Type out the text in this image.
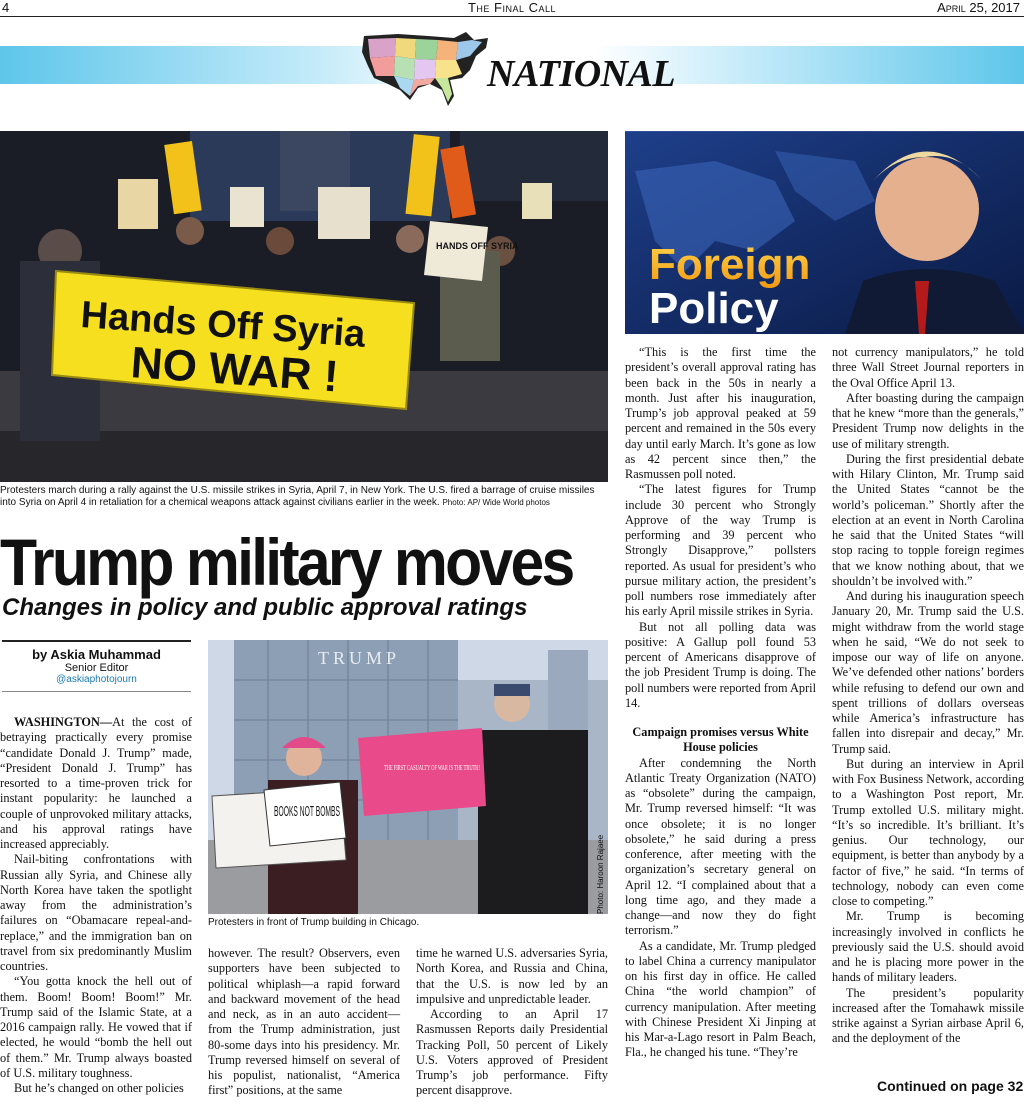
4	The Final Call	April 25, 2017
NATIONAL
Hands Off Syria
NO WAR !
HANDS OFF SYRIA
Protesters march during a rally against the U.S. missile strikes in Syria, April 7, in New York. The U.S. fired a barrage of cruise missiles into Syria on April 4 in retaliation for a chemical weapons attack against civilians earlier in the week. Photo: AP/ Wide World photos
Foreign
Policy
Trump military moves
Changes in policy and public approval ratings
by Askia Muhammad
Senior Editor
@askiaphotojourn
TRUMP
BOOKS NOT BOMBS
THE FIRST CASUALTY OF WAR IS THE TRUTH!
Photo: Haroon Rajaee
Protesters in front of Trump building in Chicago.

WASHINGTON—At the cost of betraying practically every promise “candidate Donald J. Trump” made, “President Donald J. Trump” has resorted to a time-proven trick for instant popularity: he launched a couple of unprovoked military attacks, and his approval ratings have increased appreciably.

Nail-biting confrontations with Russian ally Syria, and Chinese ally North Korea have taken the spotlight away from the administration’s failures on “Obamacare repeal-and-replace,” and the immigration ban on travel from six predominantly Muslim countries.

“You gotta knock the hell out of them. Boom! Boom! Boom!” Mr. Trump said of the Islamic State, at a 2016 campaign rally. He vowed that if elected, he would “bomb the hell out of them.” Mr. Trump always boasted of U.S. military toughness.

But he’s changed on other policies

however. The result? Observers, even supporters have been subjected to political whiplash—a rapid forward and backward movement of the head and neck, as in an auto accident—from the Trump administration, just 80-some days into his presidency. Mr. Trump reversed himself on several of his populist, nationalist, “America first” positions, at the same

time he warned U.S. adversaries Syria, North Korea, and Russia and China, that the U.S. is now led by an impulsive and unpredictable leader.

According to an April 17 Rasmussen Reports daily Presidential Tracking Poll, 50 percent of Likely U.S. Voters approved of President Trump’s job performance. Fifty percent disapprove.

“This is the first time the president’s overall approval rating has been back in the 50s in nearly a month. Just after his inauguration, Trump’s job approval peaked at 59 percent and remained in the 50s every day until early March. It’s gone as low as 42 percent since then,” the Rasmussen poll noted.

“The latest figures for Trump include 30 percent who Strongly Approve of the way Trump is performing and 39 percent who Strongly Disapprove,” pollsters reported. As usual for president’s who pursue military action, the president’s poll numbers rose immediately after his early April missile strikes in Syria.

But not all polling data was positive: A Gallup poll found 53 percent of Americans disapprove of the job President Trump is doing. The poll numbers were reported from April 14.

Campaign promises versus White House policies

After condemning the North Atlantic Treaty Organization (NATO) as “obsolete” during the campaign, Mr. Trump reversed himself: “It was once obsolete; it is no longer obsolete,” he said during a press conference, after meeting with the organization’s secretary general on April 12. “I complained about that a long time ago, and they made a change—and now they do fight terrorism.”

As a candidate, Mr. Trump pledged to label China a currency manipulator on his first day in office. He called China “the world champion” of currency manipulation. After meeting with Chinese President Xi Jinping at his Mar-a-Lago resort in Palm Beach, Fla., he changed his tune. “They’re

not currency manipulators,” he told three Wall Street Journal reporters in the Oval Office April 13.

After boasting during the campaign that he knew “more than the generals,” President Trump now delights in the use of military strength.

During the first presidential debate with Hilary Clinton, Mr. Trump said the United States “cannot be the world’s policeman.” Shortly after the election at an event in North Carolina he said that the United States “will stop racing to topple foreign regimes that we know nothing about, that we shouldn’t be involved with.”

And during his inauguration speech January 20, Mr. Trump said the U.S. might withdraw from the world stage when he said, “We do not seek to impose our way of life on anyone. We’ve defended other nations’ borders while refusing to defend our own and spent trillions of dollars overseas while America’s infrastructure has fallen into disrepair and decay,” Mr. Trump said.

But during an interview in April with Fox Business Network, according to a Washington Post report, Mr. Trump extolled U.S. military might. “It’s so incredible. It’s brilliant. It’s genius. Our technology, our equipment, is better than anybody by a factor of five,” he said. “In terms of technology, nobody can even come close to competing.”

Mr. Trump is becoming increasingly involved in conflicts he previously said the U.S. should avoid and he is placing more power in the hands of military leaders.

The president’s popularity increased after the Tomahawk missile strike against a Syrian airbase April 6, and the deployment of the

Continued on page 32
